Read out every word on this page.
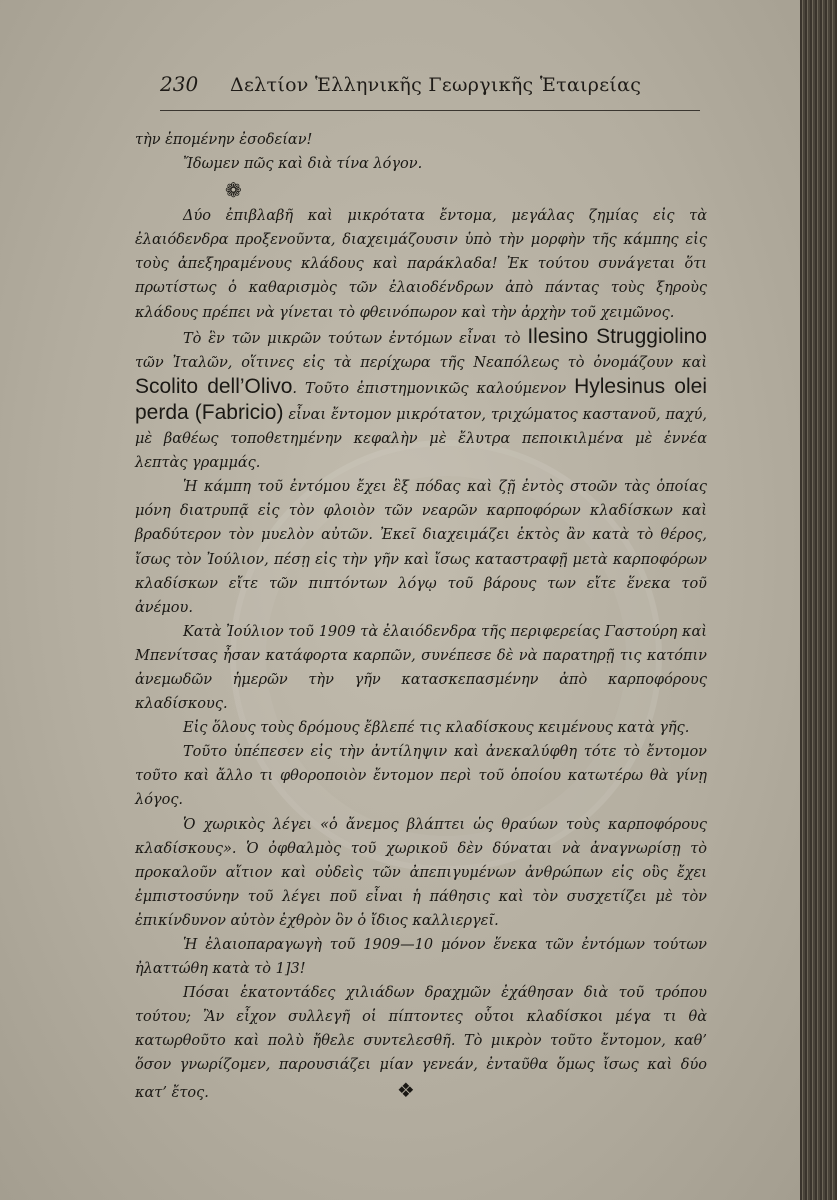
230 Δελτίον Ἑλληνικῆς Γεωργικῆς Ἑταιρείας

τὴν ἑπομένην ἐσοδείαν!

Ἴδωμεν πῶς καὶ διὰ τίνα λόγον.

❁

Δύο ἐπιβλαβῆ καὶ μικρότατα ἔντομα, μεγάλας ζημίας εἰς τὰ ἐλαιόδενδρα προξενοῦντα, διαχειμάζουσιν ὑπὸ τὴν μορφὴν τῆς κάμπης εἰς τοὺς ἀπεξηραμένους κλάδους καὶ παράκλαδα! Ἐκ τούτου συνάγεται ὅτι πρωτίστως ὁ καθαρισμὸς τῶν ἐλαιοδένδρων ἀπὸ πάντας τοὺς ξηροὺς κλάδους πρέπει νὰ γίνεται τὸ φθεινόπωρον καὶ τὴν ἀρχὴν τοῦ χειμῶνος.

Τὸ ἓν τῶν μικρῶν τούτων ἐντόμων εἶναι τὸ Ilesino Struggiolino τῶν Ἰταλῶν, οἵτινες εἰς τὰ περίχωρα τῆς Νεαπόλεως τὸ ὀνομάζουν καὶ Scolito dell’Olivo. Τοῦτο ἐπιστημονικῶς καλούμενον Hylesinus olei perda (Fabricio) εἶναι ἔντομον μικρότατον, τριχώματος καστανοῦ, παχύ, μὲ βαθέως τοποθετημένην κεφαλὴν μὲ ἔλυτρα πεποικιλμένα μὲ ἐννέα λεπτὰς γραμμάς.

Ἡ κάμπη τοῦ ἐντόμου ἔχει ἓξ πόδας καὶ ζῇ ἐντὸς στοῶν τὰς ὁποίας μόνη διατρυπᾷ εἰς τὸν φλοιὸν τῶν νεαρῶν καρποφόρων κλαδίσκων καὶ βραδύτερον τὸν μυελὸν αὐτῶν. Ἐκεῖ διαχειμάζει ἐκτὸς ἂν κατὰ τὸ θέρος, ἴσως τὸν Ἰούλιον, πέσῃ εἰς τὴν γῆν καὶ ἴσως καταστραφῇ μετὰ καρποφόρων κλαδίσκων εἴτε τῶν πιπτόντων λόγῳ τοῦ βάρους των εἴτε ἕνεκα τοῦ ἀνέμου.

Κατὰ Ἰούλιον τοῦ 1909 τὰ ἐλαιόδενδρα τῆς περιφερείας Γαστούρη καὶ Μπενίτσας ἦσαν κατάφορτα καρπῶν, συνέπεσε δὲ νὰ παρατηρῇ τις κατόπιν ἀνεμωδῶν ἡμερῶν τὴν γῆν κατασκεπασμένην ἀπὸ καρποφόρους κλαδίσκους.

Εἰς ὅλους τοὺς δρόμους ἔβλεπέ τις κλαδίσκους κειμένους κατὰ γῆς.

Τοῦτο ὑπέπεσεν εἰς τὴν ἀντίληψιν καὶ ἀνεκαλύφθη τότε τὸ ἔντομον τοῦτο καὶ ἄλλο τι φθοροποιὸν ἔντομον περὶ τοῦ ὁποίου κατωτέρω θὰ γίνῃ λόγος.

Ὁ χωρικὸς λέγει «ὁ ἄνεμος βλάπτει ὡς θραύων τοὺς καρποφόρους κλαδίσκους». Ὁ ὀφθαλμὸς τοῦ χωρικοῦ δὲν δύναται νὰ ἀναγνωρίσῃ τὸ προκαλοῦν αἴτιον καὶ οὐδεὶς τῶν ἀπεπιγυμένων ἀνθρώπων εἰς οὓς ἔχει ἐμπιστοσύνην τοῦ λέγει ποῦ εἶναι ἡ πάθησις καὶ τὸν συσχετίζει μὲ τὸν ἐπικίνδυνον αὐτὸν ἐχθρὸν ὃν ὁ ἴδιος καλλιεργεῖ.

Ἡ ἐλαιοπαραγωγὴ τοῦ 1909—10 μόνον ἕνεκα τῶν ἐντόμων τούτων ἠλαττώθη κατὰ τὸ 1]3!

Πόσαι ἑκατοντάδες χιλιάδων δραχμῶν ἐχάθησαν διὰ τοῦ τρόπου τούτου; Ἂν εἶχον συλλεγῆ οἱ πίπτοντες οὗτοι κλαδίσκοι μέγα τι θὰ κατωρθοῦτο καὶ πολὺ ἤθελε συντελεσθῆ. Τὸ μικρὸν τοῦτο ἔντομον, καθ’ ὅσον γνωρίζομεν, παρουσιάζει μίαν γενεάν, ἐνταῦθα ὅμως ἴσως καὶ δύο κατ’ ἔτος.	❖
